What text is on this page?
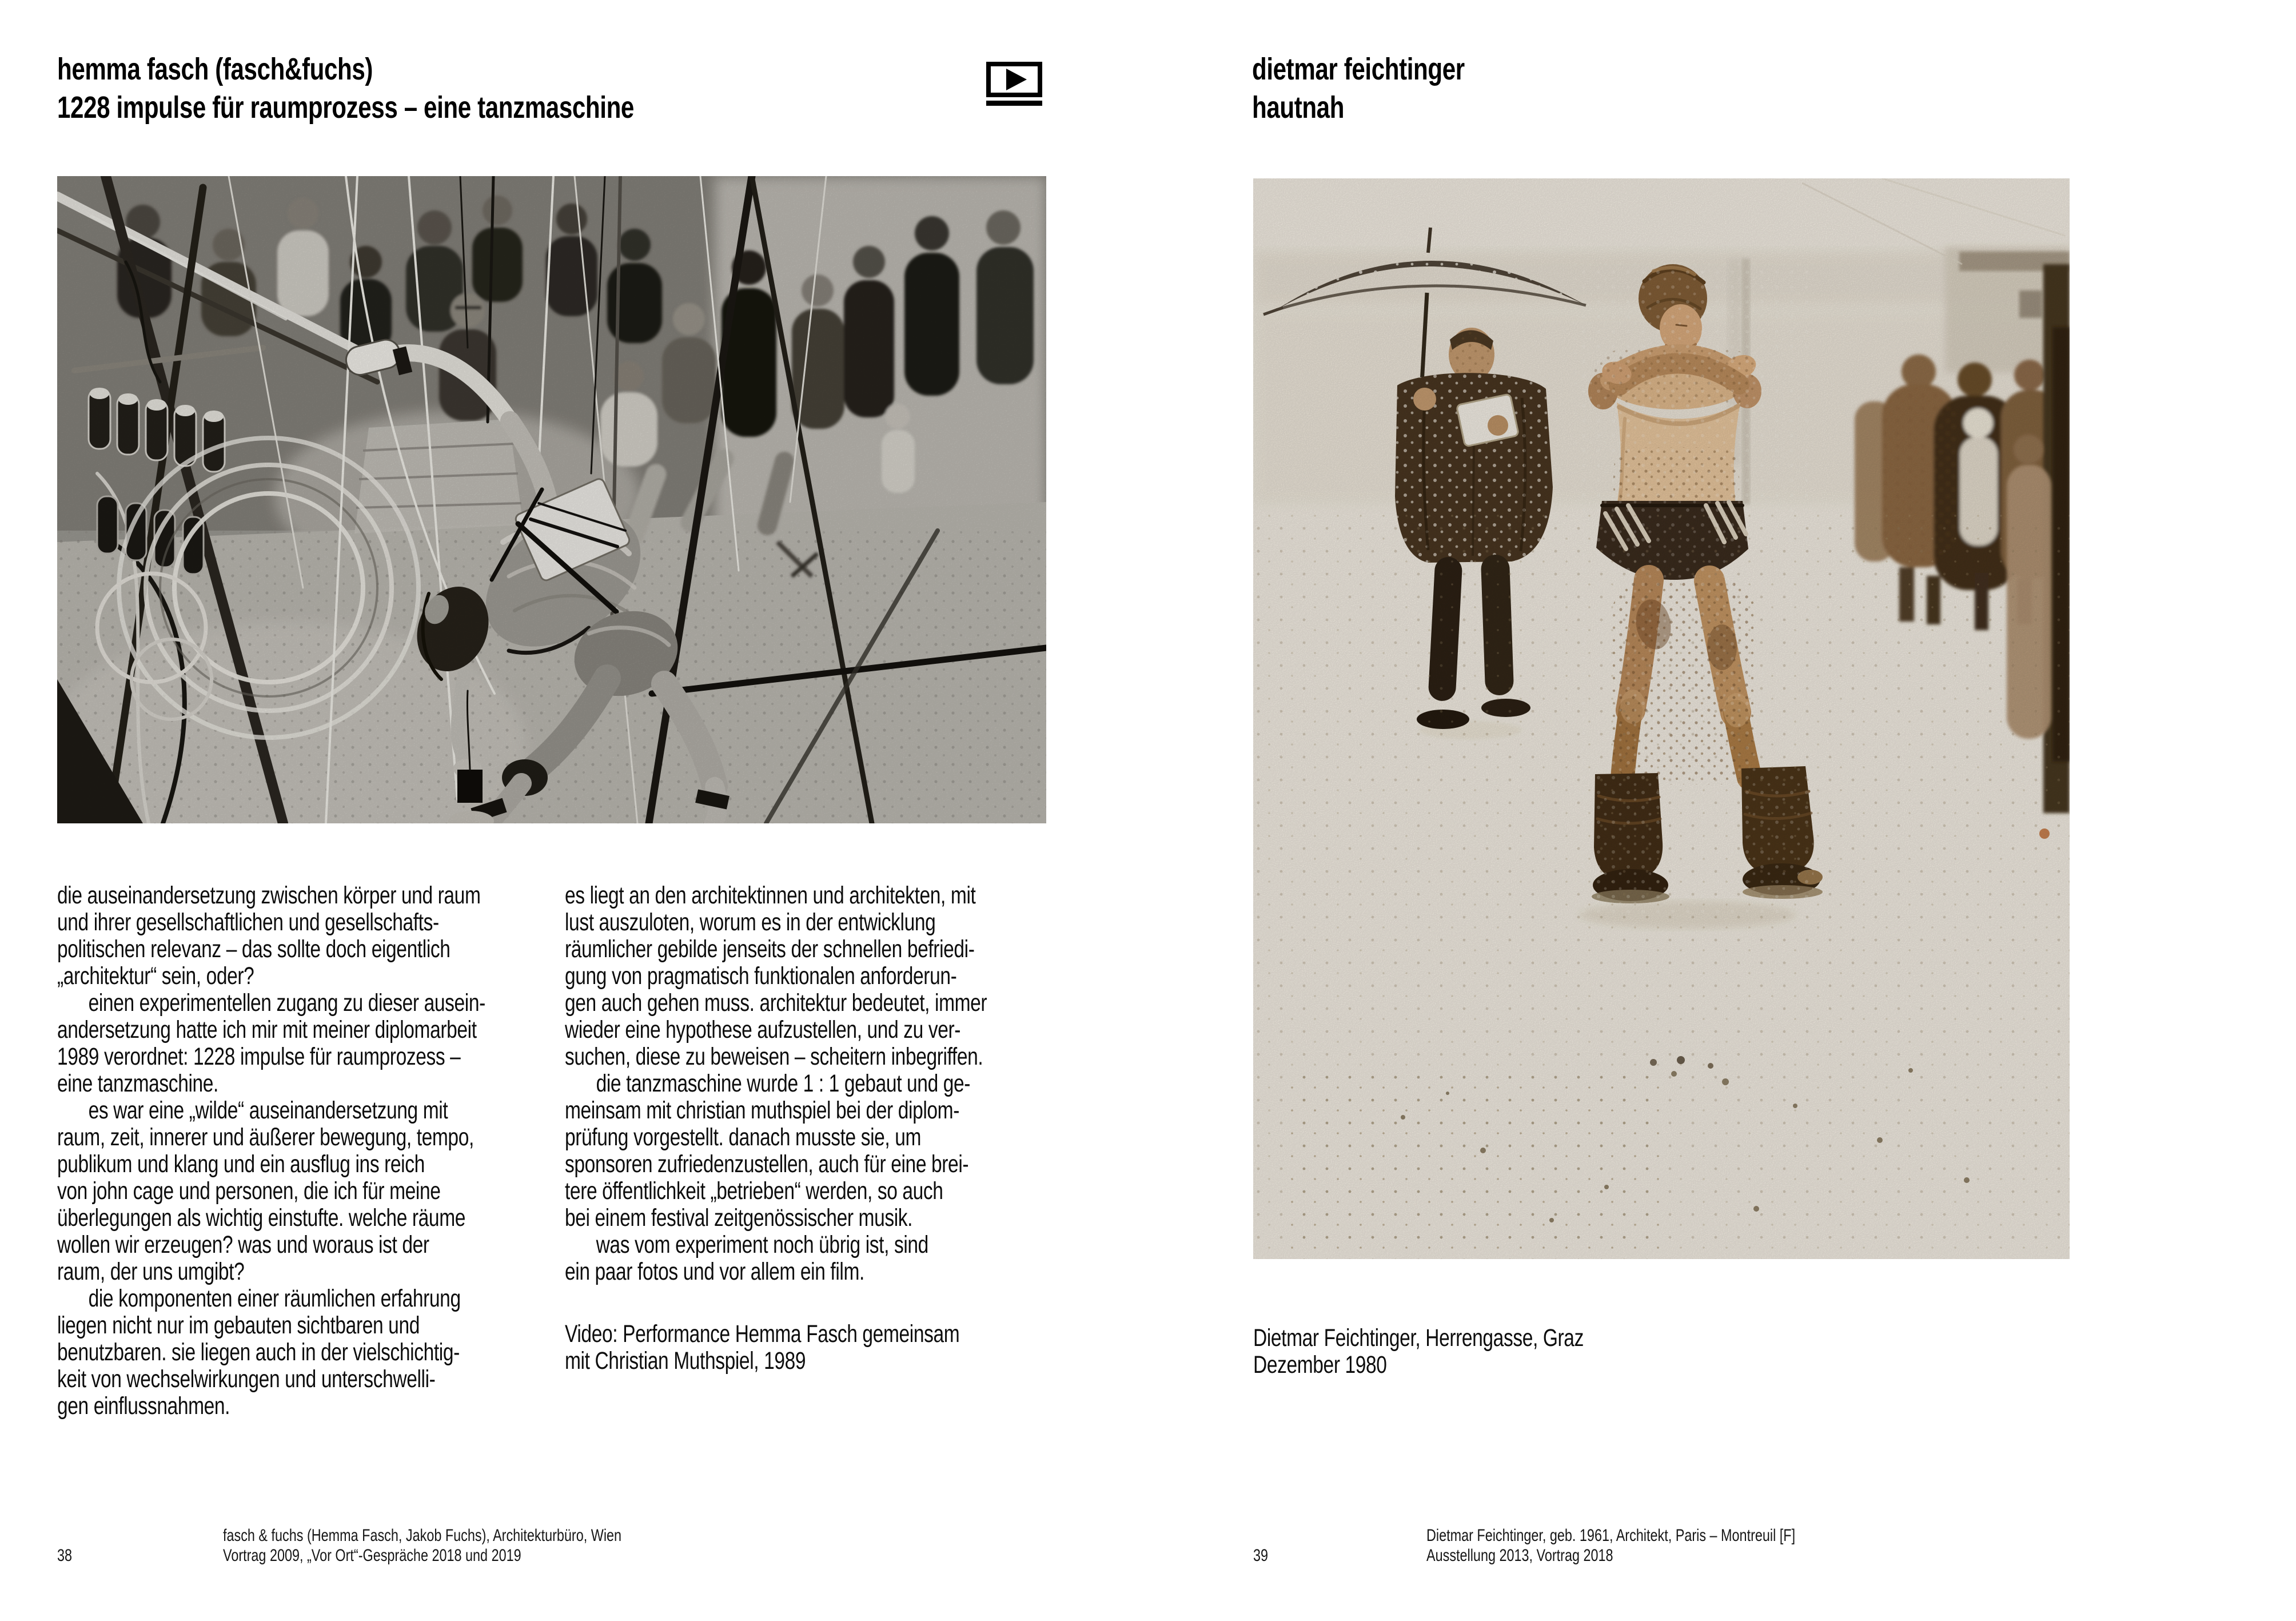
hemma fasch (fasch&fuchs)
1228 impulse für raumprozess – eine tanzmaschine
die auseinandersetzung zwischen körper und raum
und ihrer gesellschaftlichen und gesellschafts-
politischen relevanz – das sollte doch eigentlich
„architektur“ sein, oder?
einen experimentellen zugang zu dieser ausein-
andersetzung hatte ich mir mit meiner diplomarbeit
1989 verordnet: 1228 impulse für raumprozess –
eine tanzmaschine.
es war eine „wilde“ auseinandersetzung mit
raum, zeit, innerer und äußerer bewegung, tempo,
publikum und klang und ein ausflug ins reich
von john cage und personen, die ich für meine
überlegungen als wichtig einstufte. welche räume
wollen wir erzeugen? was und woraus ist der
raum, der uns umgibt?
die komponenten einer räumlichen erfahrung
liegen nicht nur im gebauten sichtbaren und
benutzbaren. sie liegen auch in der vielschichtig-
keit von wechselwirkungen und unterschwelli-
gen einflussnahmen.
es liegt an den architektinnen und architekten, mit
lust auszuloten, worum es in der entwicklung
räumlicher gebilde jenseits der schnellen befriedi-
gung von pragmatisch funktionalen anforderun-
gen auch gehen muss. architektur bedeutet, immer
wieder eine hypothese aufzustellen, und zu ver-
suchen, diese zu beweisen – scheitern inbegriffen.
die tanzmaschine wurde 1 : 1 gebaut und ge-
meinsam mit christian muthspiel bei der diplom-
prüfung vorgestellt. danach musste sie, um
sponsoren zufriedenzustellen, auch für eine brei-
tere öffentlichkeit „betrieben“ werden, so auch
bei einem festival zeitgenössischer musik.
was vom experiment noch übrig ist, sind
ein paar fotos und vor allem ein film.
Video: Performance Hemma Fasch gemeinsam
mit Christian Muthspiel, 1989
38
fasch & fuchs (Hemma Fasch, Jakob Fuchs), Architekturbüro, Wien
Vortrag 2009, „Vor Ort“-Gespräche 2018 und 2019
dietmar feichtinger
hautnah
Dietmar Feichtinger, Herrengasse, Graz
Dezember 1980
39
Dietmar Feichtinger, geb. 1961, Architekt, Paris – Montreuil [F]
Ausstellung 2013, Vortrag 2018
